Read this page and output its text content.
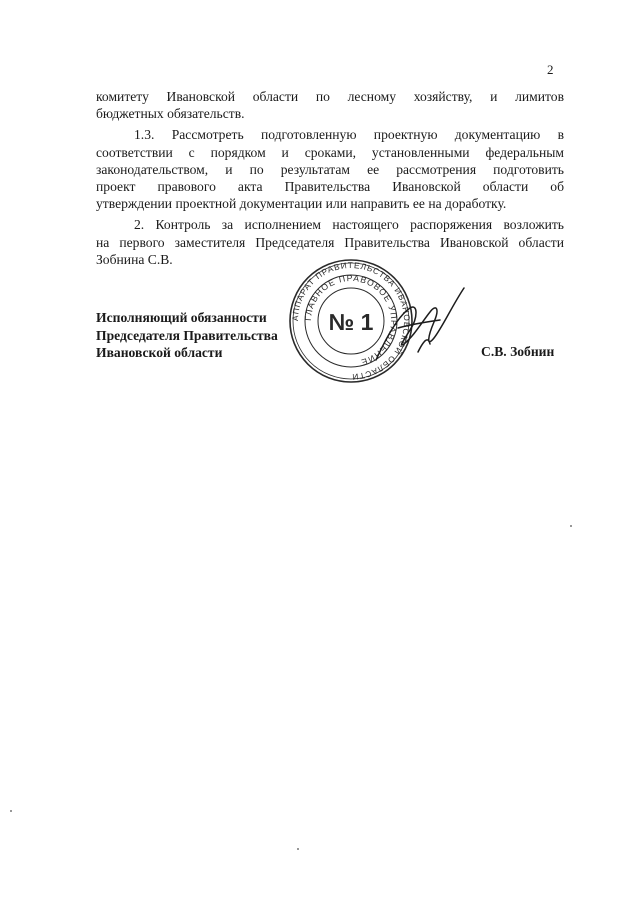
2
комитету Ивановской области по лесному хозяйству, и лимитов
бюджетных обязательств.
1.3. Рассмотреть подготовленную проектную документацию в
соответствии с порядком и сроками, установленными федеральным
законодательством, и по результатам ее рассмотрения подготовить
проект правового акта Правительства Ивановской области об
утверждении проектной документации или направить ее на доработку.
2. Контроль за исполнением настоящего распоряжения возложить
на первого заместителя Председателя Правительства Ивановской области
Зобнина С.В.
АППАРАТ ПРАВИТЕЛЬСТВА ИВАНОВСКОЙ ОБЛАСТИ
ГЛАВНОЕ ПРАВОВОЕ УПРАВЛЕНИЕ
№ 1
Исполняющий обязанности
Председателя Правительства
Ивановской области	С.В. Зобнин
